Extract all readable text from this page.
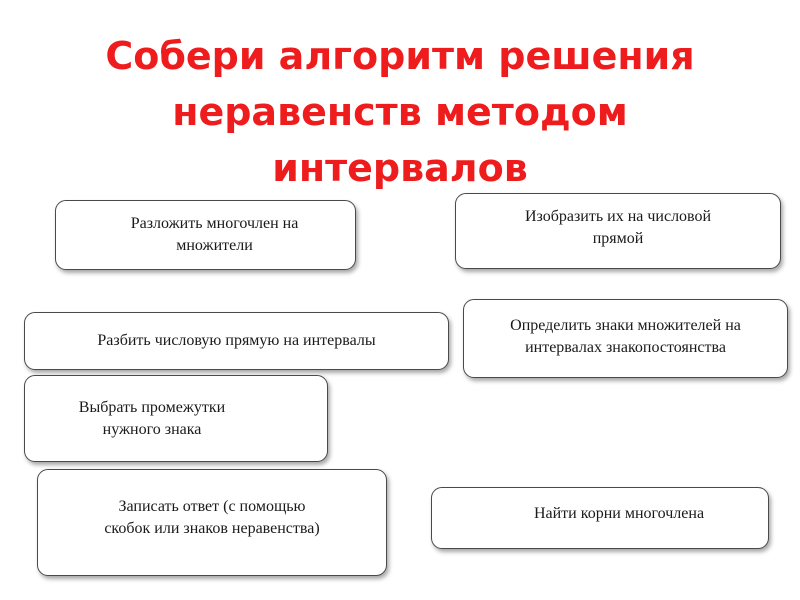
Собери алгоритм решения
неравенств методом
интервалов
Разложить многочлен на
множители
Изобразить их на числовой
прямой
Разбить числовую прямую на интервалы
Определить знаки множителей на
интервалах знакопостоянства
Выбрать промежутки
нужного знака
Записать ответ (с помощью
скобок или знаков неравенства)
Найти корни многочлена
